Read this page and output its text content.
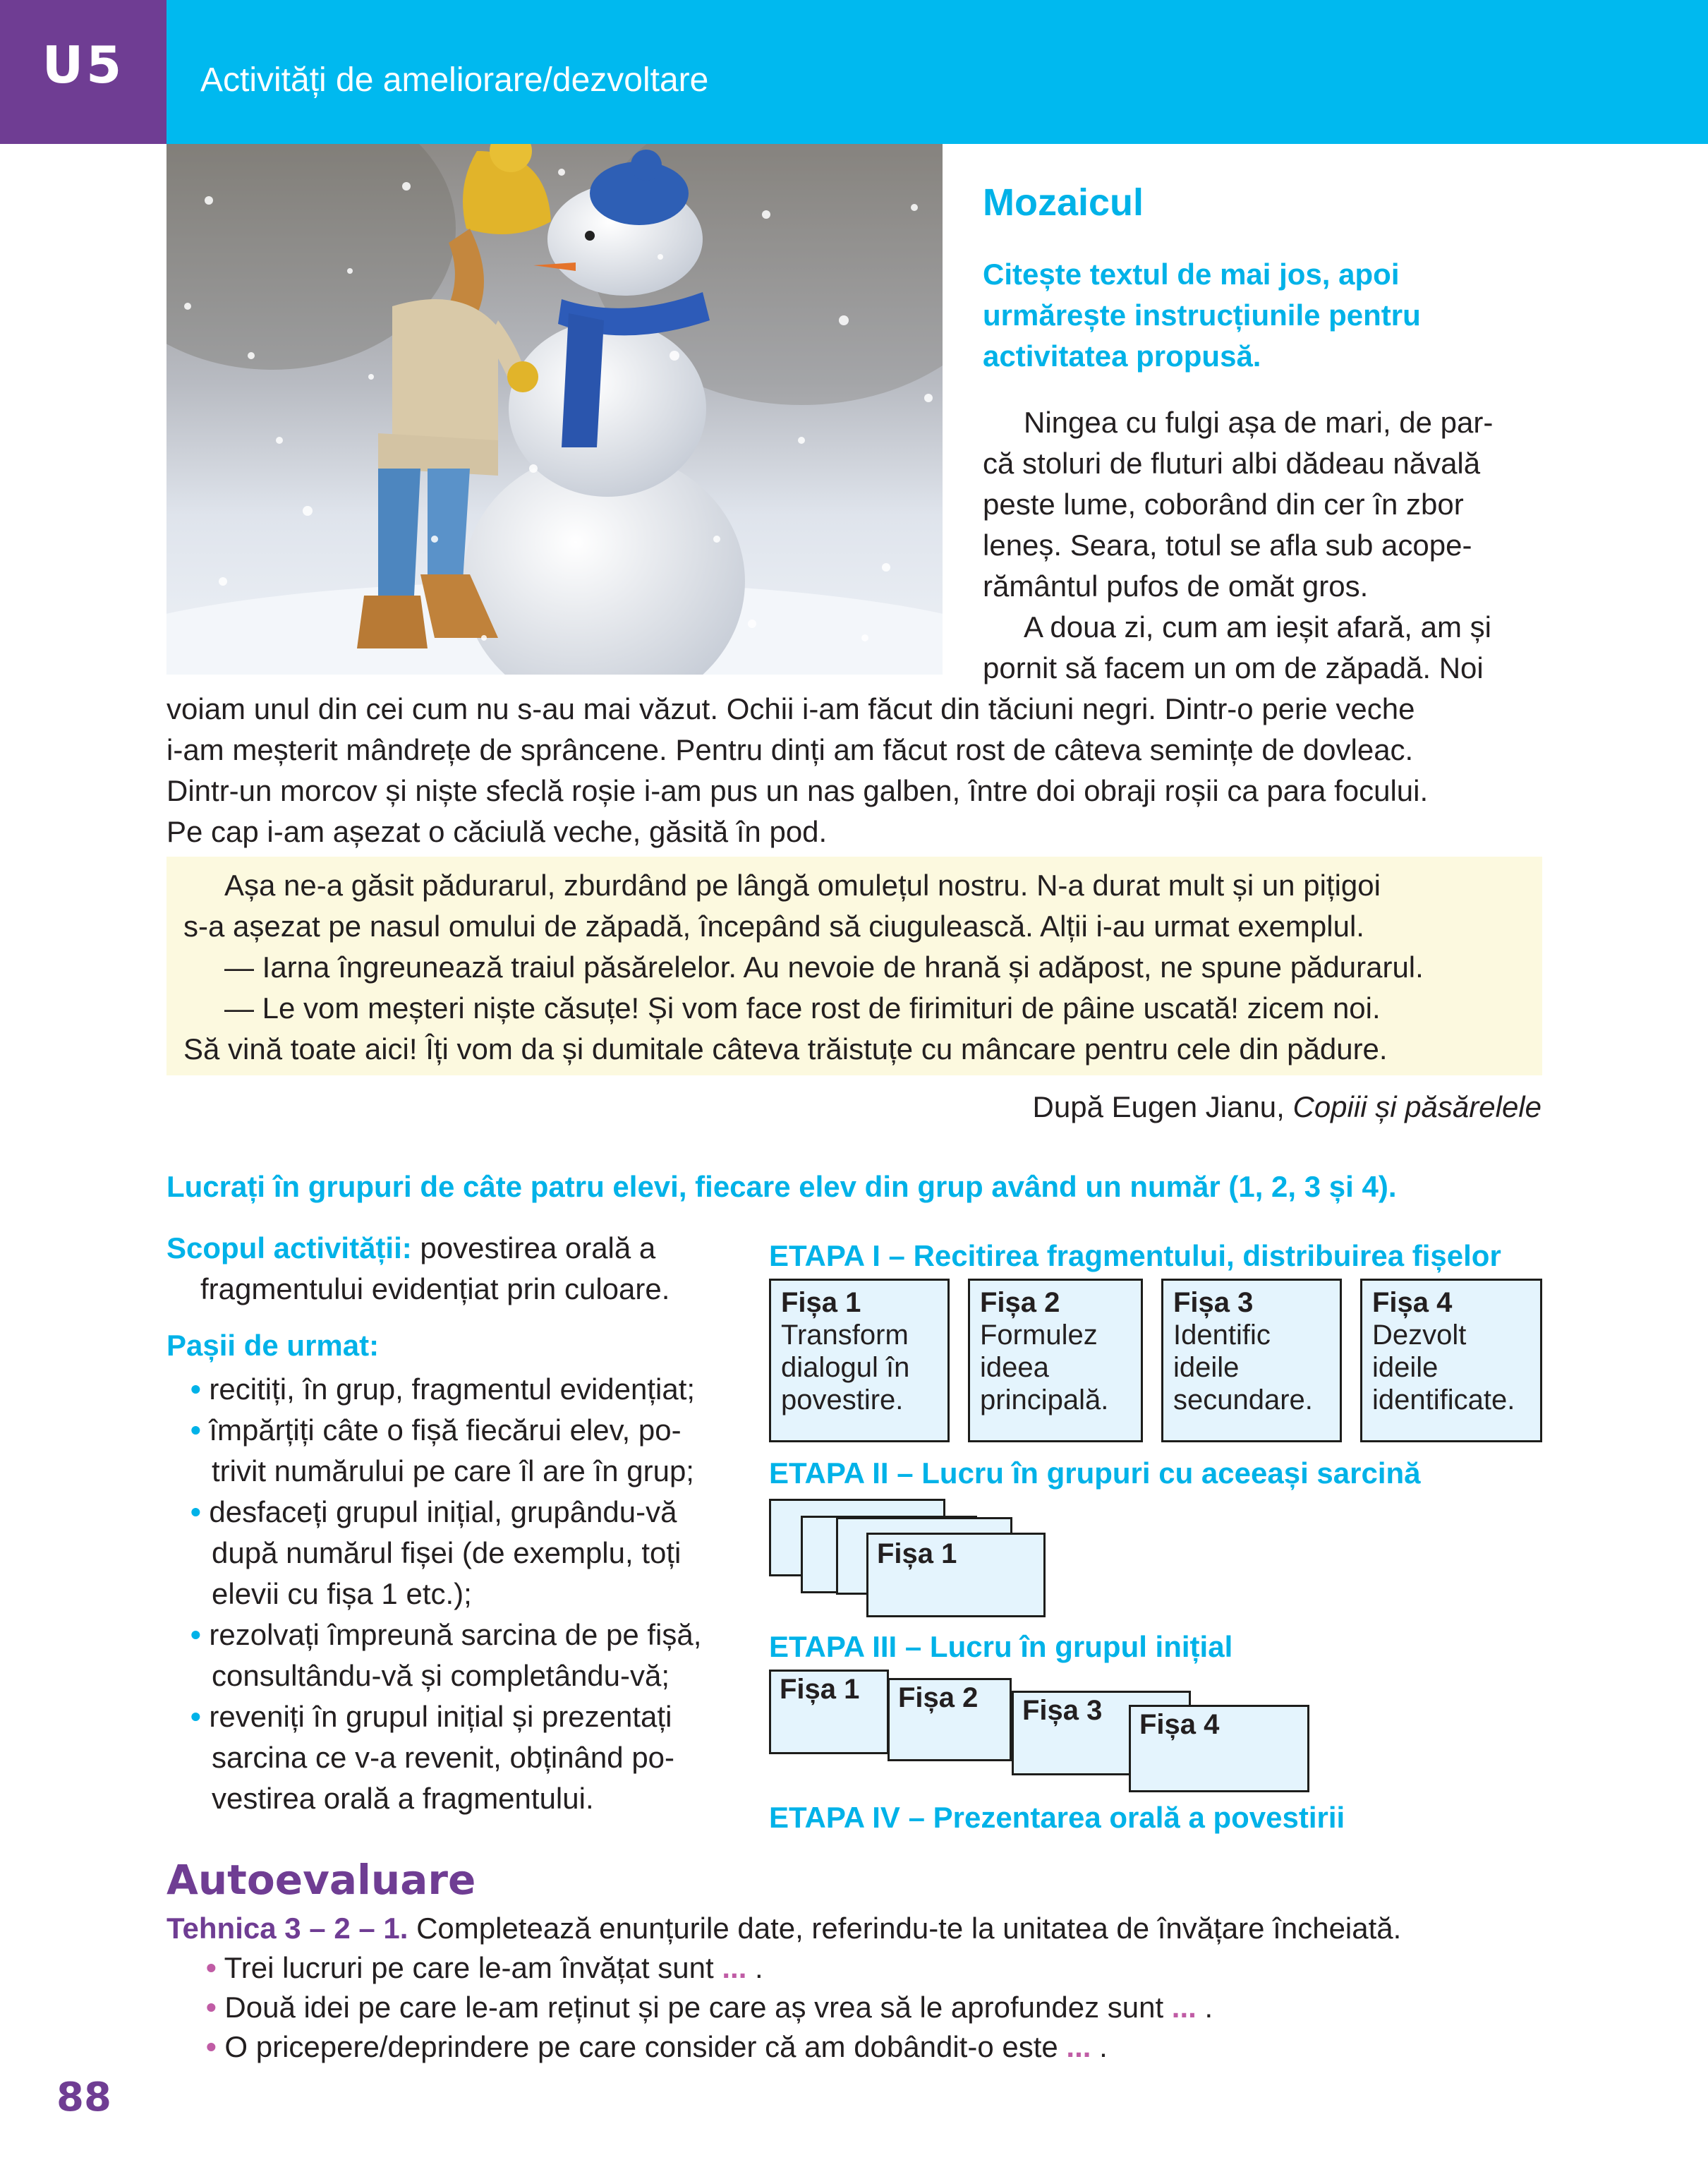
U5	Activități de ameliorare/dezvoltare
Mozaicul
Citește textul de mai jos, apoi urmărește instrucțiunile pentru activitatea propusă.
Ningea cu fulgi așa de mari, de par-
că stoluri de fluturi albi dădeau năvală
peste lume, coborând din cer în zbor
leneș. Seara, totul se afla sub acope-
rământul pufos de omăt gros.
A doua zi, cum am ieșit afară, am și
pornit să facem un om de zăpadă. Noi
voiam unul din cei cum nu s-au mai văzut. Ochii i-am făcut din tăciuni negri. Dintr-o perie veche
i-am meșterit mândrețe de sprâncene. Pentru dinți am făcut rost de câteva semințe de dovleac.
Dintr-un morcov și niște sfeclă roșie i-am pus un nas galben, între doi obraji roșii ca para focului.
Pe cap i-am așezat o căciulă veche, găsită în pod.
Așa ne-a găsit pădurarul, zburdând pe lângă omulețul nostru. N-a durat mult și un pițigoi
s-a așezat pe nasul omului de zăpadă, începând să ciugulească. Alții i-au urmat exemplul.
— Iarna îngreunează traiul păsărelelor. Au nevoie de hrană și adăpost, ne spune pădurarul.
— Le vom meșteri niște căsuțe! Și vom face rost de firimituri de pâine uscată! zicem noi.
Să vină toate aici! Îți vom da și dumitale câteva trăistuțe cu mâncare pentru cele din pădure.
După Eugen Jianu, Copiii și păsărelele
Lucrați în grupuri de câte patru elevi, fiecare elev din grup având un număr (1, 2, 3 și 4).
Scopul activității: povestirea orală a
fragmentului evidențiat prin culoare.
Pașii de urmat:
• recitiți, în grup, fragmentul evidențiat;
• împărțiți câte o fișă fiecărui elev, po-
trivit numărului pe care îl are în grup;
• desfaceți grupul inițial, grupându-vă
după numărul fișei (de exemplu, toți
elevii cu fișa 1 etc.);
• rezolvați împreună sarcina de pe fișă,
consultându-vă și completându-vă;
• reveniți în grupul inițial și prezentați
sarcina ce v-a revenit, obținând po-
vestirea orală a fragmentului.
ETAPA I – Recitirea fragmentului, distribuirea fișelor
Fișa 1
Transform
dialogul în
povestire.
Fișa 2
Formulez
ideea
principală.
Fișa 3
Identific
ideile
secundare.
Fișa 4
Dezvolt
ideile
identificate.
ETAPA II – Lucru în grupuri cu aceeași sarcină
Fișa 1
ETAPA III – Lucru în grupul inițial
Fișa 1	Fișa 2	Fișa 3	Fișa 4
ETAPA IV – Prezentarea orală a povestirii
Autoevaluare
Tehnica 3 – 2 – 1. Completează enunțurile date, referindu-te la unitatea de învățare încheiată.
• Trei lucruri pe care le-am învățat sunt ... .
• Două idei pe care le-am reținut și pe care aș vrea să le aprofundez sunt ... .
• O pricepere/deprindere pe care consider că am dobândit-o este ... .
88
